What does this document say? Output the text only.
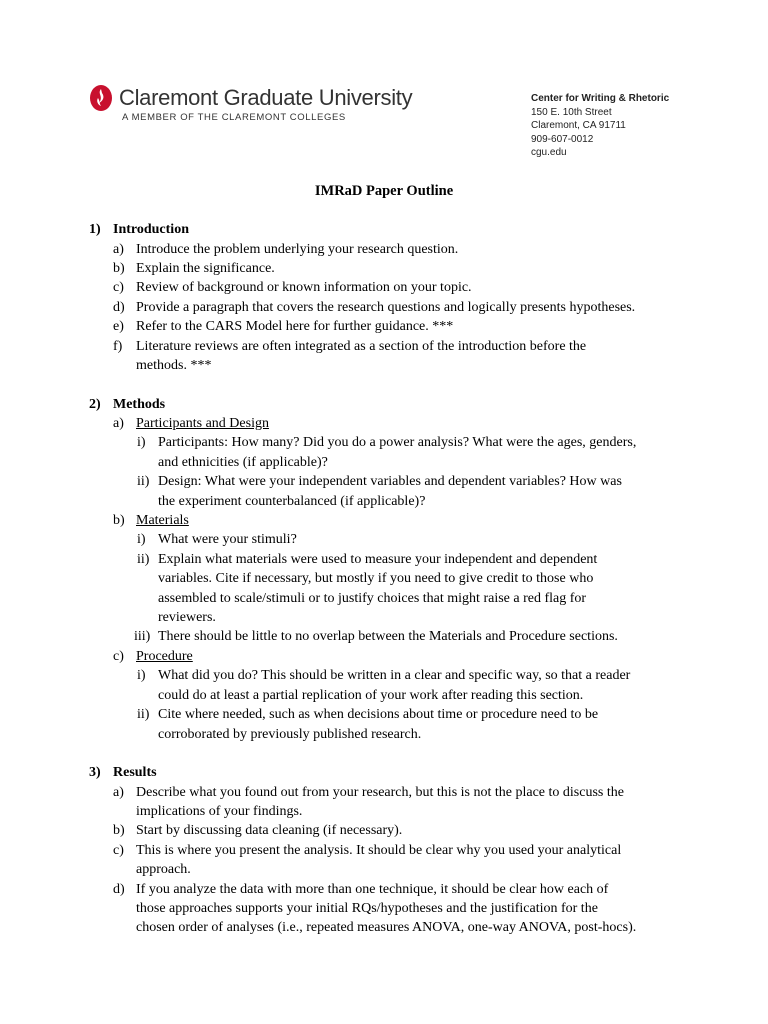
Claremont Graduate University
A MEMBER OF THE CLAREMONT COLLEGES
Center for Writing & Rhetoric
150 E. 10th Street
Claremont, CA 91711
909-607-0012
cgu.edu
IMRaD Paper Outline
1) Introduction
a) Introduce the problem underlying your research question.
b) Explain the significance.
c) Review of background or known information on your topic.
d) Provide a paragraph that covers the research questions and logically presents hypotheses.
e) Refer to the CARS Model here for further guidance. ***
f) Literature reviews are often integrated as a section of the introduction before the
methods. ***
2) Methods
a) Participants and Design
i) Participants: How many? Did you do a power analysis? What were the ages, genders,
and ethnicities (if applicable)?
ii) Design: What were your independent variables and dependent variables? How was
the experiment counterbalanced (if applicable)?
b) Materials
i) What were your stimuli?
ii) Explain what materials were used to measure your independent and dependent
variables. Cite if necessary, but mostly if you need to give credit to those who
assembled to scale/stimuli or to justify choices that might raise a red flag for
reviewers.
iii) There should be little to no overlap between the Materials and Procedure sections.
c) Procedure
i) What did you do? This should be written in a clear and specific way, so that a reader
could do at least a partial replication of your work after reading this section.
ii) Cite where needed, such as when decisions about time or procedure need to be
corroborated by previously published research.
3) Results
a) Describe what you found out from your research, but this is not the place to discuss the
implications of your findings.
b) Start by discussing data cleaning (if necessary).
c) This is where you present the analysis. It should be clear why you used your analytical
approach.
d) If you analyze the data with more than one technique, it should be clear how each of
those approaches supports your initial RQs/hypotheses and the justification for the
chosen order of analyses (i.e., repeated measures ANOVA, one-way ANOVA, post-hocs).
